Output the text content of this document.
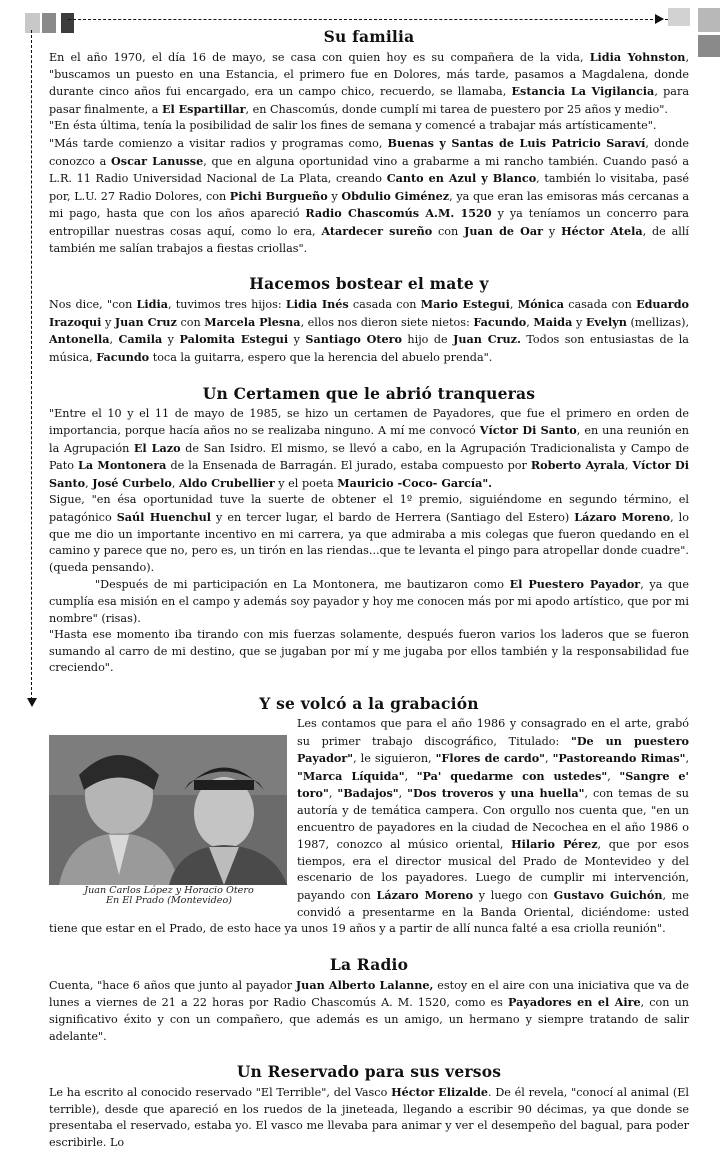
Su familia

En el año 1970, el día 16 de mayo, se casa con quien hoy es su compañera de la vida, Lidia Yohnston, "buscamos un puesto en una Estancia, el primero fue en Dolores, más tarde, pasamos a Magdalena, donde durante cinco años fui encargado, era un campo chico, recuerdo, se llamaba, Estancia La Vigilancia, para pasar finalmente, a El Espartillar, en Chascomús, donde cumplí mi tarea de puestero por 25 años y medio".

"En ésta última, tenía la posibilidad de salir los fines de semana y comencé a trabajar más artísticamente".

"Más tarde comienzo a visitar radios y programas como, Buenas y Santas de Luis Patricio Saraví, donde conozco a Oscar Lanusse, que en alguna oportunidad vino a grabarme a mi rancho también. Cuando pasó a L.R. 11 Radio Universidad Nacional de La Plata, creando Canto en Azul y Blanco, también lo visitaba, pasé por, L.U. 27 Radio Dolores, con Pichi Burgueño y Obdulio Giménez, ya que eran las emisoras más cercanas a mi pago, hasta que con los años apareció Radio Chascomús A.M. 1520 y ya teníamos un concerro para entropillar nuestras cosas aquí, como lo era, Atardecer sureño con Juan de Oar y Héctor Atela, de allí también me salían trabajos a fiestas criollas".

Hacemos bostear el mate y

Nos dice, "con Lidia, tuvimos tres hijos: Lidia Inés casada con Mario Estegui, Mónica casada con Eduardo Irazoqui y Juan Cruz con Marcela Plesna, ellos nos dieron siete nietos: Facundo, Maida y Evelyn (mellizas), Antonella, Camila y Palomita Estegui y Santiago Otero hijo de Juan Cruz. Todos son entusiastas de la música, Facundo toca la guitarra, espero que la herencia del abuelo prenda".

Un Certamen que le abrió tranqueras

"Entre el 10 y el 11 de mayo de 1985, se hizo un certamen de Payadores, que fue el primero en orden de importancia, porque hacía años no se realizaba ninguno. A mí me convocó Víctor Di Santo, en una reunión en la Agrupación El Lazo de San Isidro. El mismo, se llevó a cabo, en la Agrupación Tradicionalista y Campo de Pato La Montonera de la Ensenada de Barragán. El jurado, estaba compuesto por Roberto Ayrala, Víctor Di Santo, José Curbelo, Aldo Crubellier y el poeta Mauricio -Coco- García".

Sigue, "en ésa oportunidad tuve la suerte de obtener el 1º premio, siguiéndome en segundo término, el patagónico Saúl Huenchul y en tercer lugar, el bardo de Herrera (Santiago del Estero) Lázaro Moreno, lo que me dio un importante incentivo en mi carrera, ya que admiraba a mis colegas que fueron quedando en el camino y parece que no, pero es, un tirón en las riendas...que te levanta el pingo para atropellar donde cuadre". (queda pensando).

"Después de mi participación en La Montonera, me bautizaron como El Puestero Payador, ya que cumplía esa misión en el campo y además soy payador y hoy me conocen más por mi apodo artístico, que por mi nombre" (risas).

"Hasta ese momento iba tirando con mis fuerzas solamente, después fueron varios los laderos que se fueron sumando al carro de mi destino, que se jugaban por mí y me jugaba por ellos también y la responsabilidad fue creciendo".

Y se volcó a la grabación
Juan Carlos López y Horacio Otero
En El Prado (Montevideo)

Les contamos que para el año 1986 y consagrado en el arte, grabó su primer trabajo discográfico, Titulado: "De un puestero Payador", le siguieron, "Flores de cardo", "Pastoreando Rimas", "Marca Líquida", "Pa' quedarme con ustedes", "Sangre e' toro", "Badajos", "Dos troveros y una huella", con temas de su autoría y de temática campera. Con orgullo nos cuenta que, "en un encuentro de payadores en la ciudad de Necochea en el año 1986 o 1987, conozco al músico oriental, Hilario Pérez, que por esos tiempos, era el director musical del Prado de Montevideo y del escenario de los payadores. Luego de cumplir mi intervención, payando con Lázaro Moreno y luego con Gustavo Guichón, me convidó a presentarme en la Banda Oriental, diciéndome: usted tiene que estar en el Prado, de esto hace ya unos 19 años y a partir de allí nunca falté a esa criolla reunión".

La Radio

Cuenta, "hace 6 años que junto al payador Juan Alberto Lalanne, estoy en el aire con una iniciativa que va de lunes a viernes de 21 a 22 horas por Radio Chascomús A. M. 1520, como es Payadores en el Aire, con un significativo éxito y con un compañero, que además es un amigo, un hermano y siempre tratando de salir adelante".

Un Reservado para sus versos

Le ha escrito al conocido reservado "El Terrible", del Vasco Héctor Elizalde. De él revela, "conocí al animal (El terrible), desde que apareció en los ruedos de la jineteada, llegando a escribir 90 décimas, ya que donde se presentaba el reservado, estaba yo. El vasco me llevaba para animar y ver el desempeño del bagual, para poder escribirle. Lo
